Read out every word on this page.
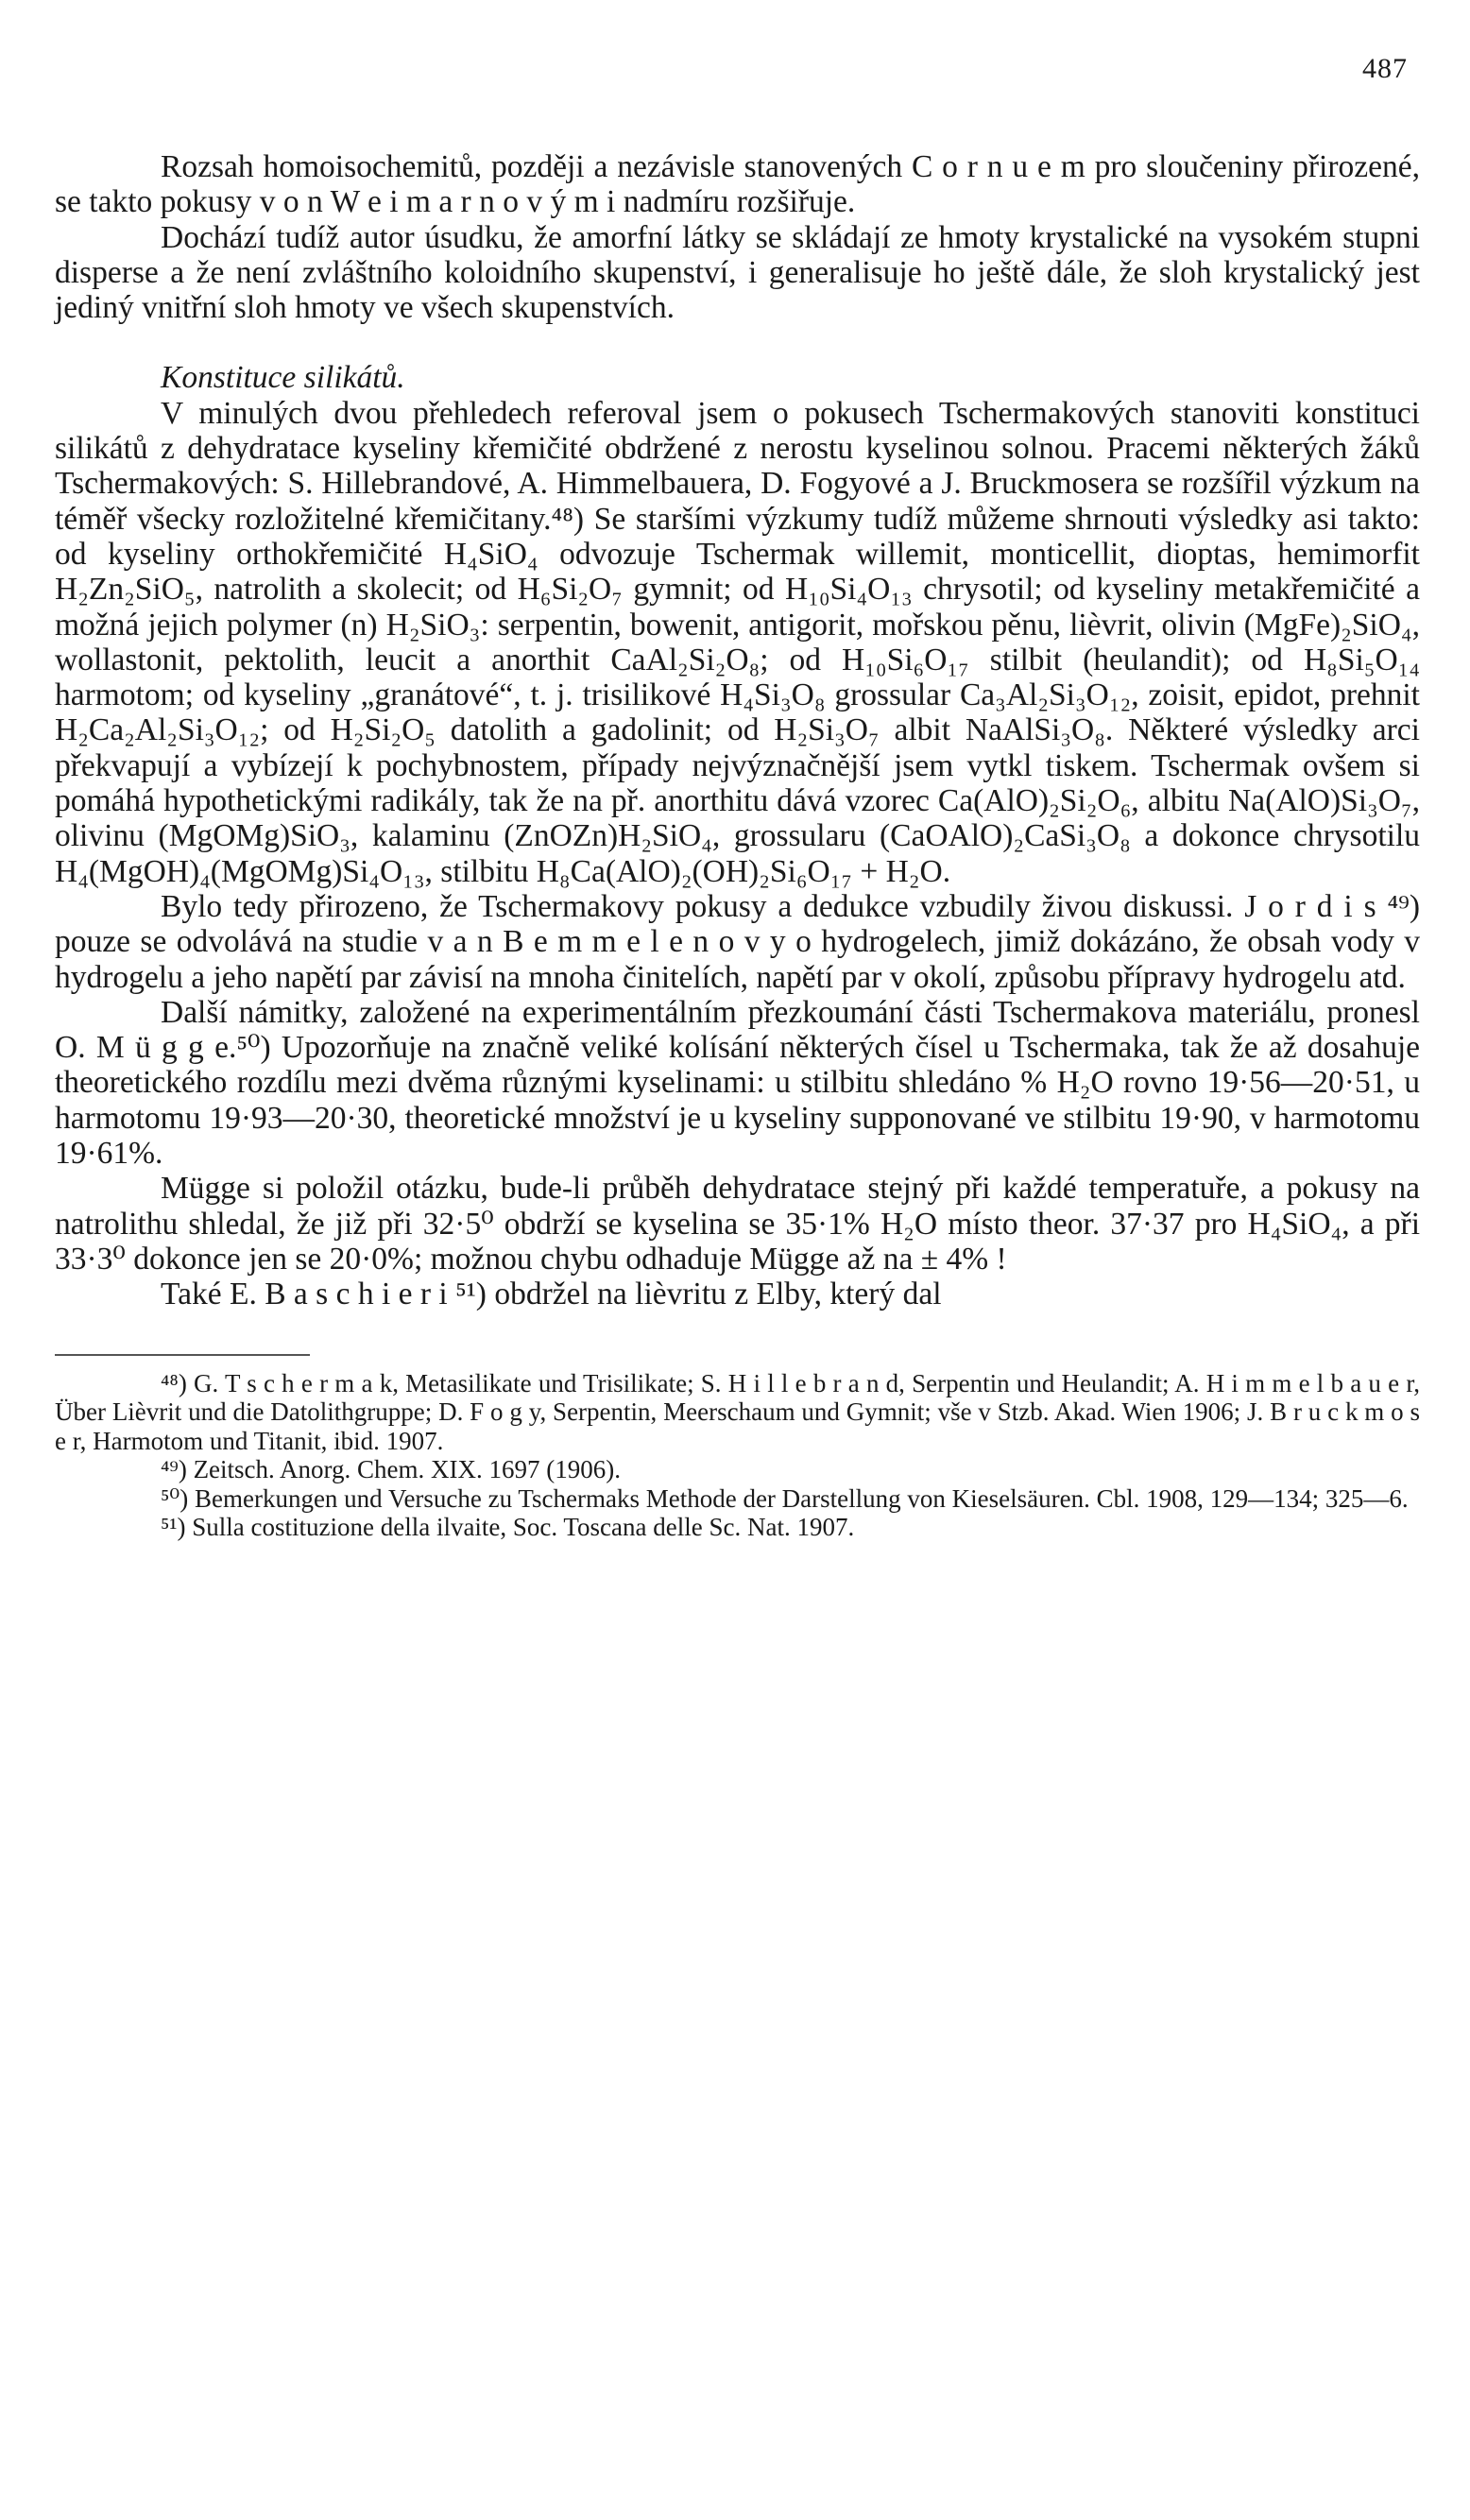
487

Rozsah homoisochemitů, později a nezávisle stanovených C o r n u e m pro sloučeniny přirozené, se takto pokusy v o n W e i m a r n o v ý m i nadmíru rozšiřuje.

Dochází tudíž autor úsudku, že amorfní látky se skládají ze hmoty krystalické na vysokém stupni disperse a že není zvláštního koloidního skupenství, i generalisuje ho ještě dále, že sloh krystalický jest jediný vnitřní sloh hmoty ve všech skupenstvích.

Konstituce silikátů.

V minulých dvou přehledech referoval jsem o pokusech Tschermakových stanoviti konstituci silikátů z dehydratace kyseliny křemičité obdržené z nerostu kyselinou solnou. Pracemi některých žáků Tschermakových: S. Hillebrandové, A. Himmelbauera, D. Fogyové a J. Bruckmosera se rozšířil výzkum na téměř všecky rozložitelné křemičitany.⁴⁸) Se staršími výzkumy tudíž můžeme shrnouti výsledky asi takto: od kyseliny orthokřemičité H₄SiO₄ odvozuje Tschermak willemit, monticellit, dioptas, hemimorfit H₂Zn₂SiO₅, natrolith a skolecit; od H₆Si₂O₇ gymnit; od H₁₀Si₄O₁₃ chrysotil; od kyseliny metakřemičité a možná jejich polymer (n) H₂SiO₃: serpentin, bowenit, antigorit, mořskou pěnu, lièvrit, olivin (MgFe)₂SiO₄, wollastonit, pektolith, leucit a anorthit CaAl₂Si₂O₈; od H₁₀Si₆O₁₇ stilbit (heulandit); od H₈Si₅O₁₄ harmotom; od kyseliny „granátové“, t. j. trisilikové H₄Si₃O₈ grossular Ca₃Al₂Si₃O₁₂, zoisit, epidot, prehnit H₂Ca₂Al₂Si₃O₁₂; od H₂Si₂O₅ datolith a gadolinit; od H₂Si₃O₇ albit NaAlSi₃O₈. Některé výsledky arci překvapují a vybízejí k pochybnostem, případy nejvýznačnější jsem vytkl tiskem. Tschermak ovšem si pomáhá hypothetickými radikály, tak že na př. anorthitu dává vzorec Ca(AlO)₂Si₂O₆, albitu Na(AlO)Si₃O₇, olivinu (MgOMg)SiO₃, kalaminu (ZnOZn)H₂SiO₄, grossularu (CaOAlO)₂CaSi₃O₈ a dokonce chrysotilu H₄(MgOH)₄(MgOMg)Si₄O₁₃, stilbitu H₈Ca(AlO)₂(OH)₂Si₆O₁₇ + H₂O.

Bylo tedy přirozeno, že Tschermakovy pokusy a dedukce vzbudily živou diskussi. J o r d i s ⁴⁹) pouze se odvolává na studie v a n B e m m e l e n o v y o hydrogelech, jimiž dokázáno, že obsah vody v hydrogelu a jeho napětí par závisí na mnoha činitelích, napětí par v okolí, způsobu přípravy hydrogelu atd.

Další námitky, založené na experimentálním přezkoumání části Tschermakova materiálu, pronesl O. M ü g g e.⁵⁰) Upozorňuje na značně veliké kolísání některých čísel u Tschermaka, tak že až dosahuje theoretického rozdílu mezi dvěma různými kyselinami: u stilbitu shledáno % H₂O rovno 19·56—20·51, u harmotomu 19·93—20·30, theoretické množství je u kyseliny supponované ve stilbitu 19·90, v harmotomu 19·61%.

Mügge si položil otázku, bude-li průběh dehydratace stejný při každé temperatuře, a pokusy na natrolithu shledal, že již při 32·5⁰ obdrží se kyselina se 35·1% H₂O místo theor. 37·37 pro H₄SiO₄, a při 33·3⁰ dokonce jen se 20·0%; možnou chybu odhaduje Mügge až na ± 4% !

Také E. B a s c h i e r i ⁵¹) obdržel na lièvritu z Elby, který dal

⁴⁸) G. T s c h e r m a k, Metasilikate und Trisilikate; S. H i l l e b r a n d, Serpentin und Heulandit; A. H i m m e l b a u e r, Über Lièvrit und die Datolithgruppe; D. F o g y, Serpentin, Meerschaum und Gymnit; vše v Stzb. Akad. Wien 1906; J. B r u c k m o s e r, Harmotom und Titanit, ibid. 1907.

⁴⁹) Zeitsch. Anorg. Chem. XIX. 1697 (1906).

⁵⁰) Bemerkungen und Versuche zu Tschermaks Methode der Darstellung von Kieselsäuren. Cbl. 1908, 129—134; 325—6.

⁵¹) Sulla costituzione della ilvaite, Soc. Toscana delle Sc. Nat. 1907.
